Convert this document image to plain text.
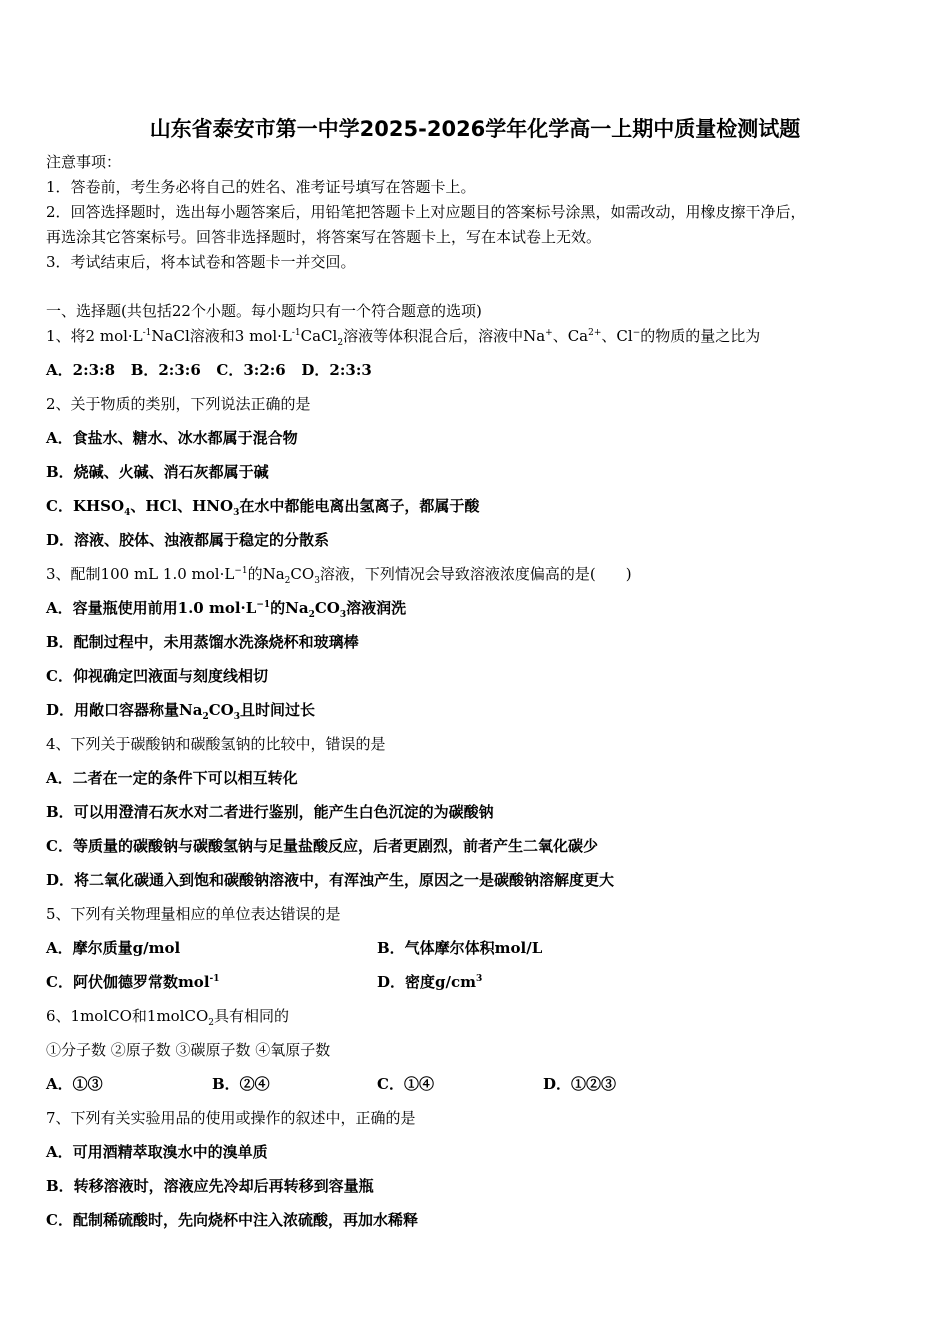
山东省泰安市第一中学2025-2026学年化学高一上期中质量检测试题
注意事项：
1．答卷前，考生务必将自己的姓名、准考证号填写在答题卡上。
2．回答选择题时，选出每小题答案后，用铅笔把答题卡上对应题目的答案标号涂黑，如需改动，用橡皮擦干净后，
再选涂其它答案标号。回答非选择题时，将答案写在答题卡上，写在本试卷上无效。
3．考试结束后，将本试卷和答题卡一并交回。
一、选择题(共包括22个小题。每小题均只有一个符合题意的选项)
1、将2 $mol\cdot L^{-1}NaCl$溶液和3 $mol\cdot L^{-1}CaCl_2$溶液等体积混合后，溶液中Na+、$Ca^{2+}$、Cl−的物质的量之比为
A．2:3:8   B．2:3:6   C．3:2:6   D．2:3:3
2、关于物质的类别，下列说法正确的是
A．食盐水、糖水、冰水都属于混合物
B．烧碱、火碱、消石灰都属于碱
C．$KHSO_4$、HCl、$HNO_3$在水中都能电离出氢离子，都属于酸
D．溶液、胶体、浊液都属于稳定的分散系
3、配制100 mL 1.0 $mol\cdot L^{-1}$的$Na_2CO_3$溶液，下列情况会导致溶液浓度偏高的是(　　)
A．容量瓶使用前用1.0 $mol\cdot L^{-1}$的$Na_2CO_3$溶液润洗
B．配制过程中，未用蒸馏水洗涤烧杯和玻璃棒
C．仰视确定凹液面与刻度线相切
D．用敞口容器称量$Na_2CO_3$且时间过长
4、下列关于碳酸钠和碳酸氢钠的比较中，错误的是
A．二者在一定的条件下可以相互转化
B．可以用澄清石灰水对二者进行鉴别，能产生白色沉淀的为碳酸钠
C．等质量的碳酸钠与碳酸氢钠与足量盐酸反应，后者更剧烈，前者产生二氧化碳少
D．将二氧化碳通入到饱和碳酸钠溶液中，有浑浊产生，原因之一是碳酸钠溶解度更大
5、下列有关物理量相应的单位表达错误的是
A．摩尔质量g/mol	B．气体摩尔体积mol/L
C．阿伏伽德罗常数mol$^{-1}$	D．密度$g/cm^3$
6、1molCO和1molCO$_2$具有相同的
①分子数 ②原子数 ③碳原子数 ④氧原子数
A．①③	B．②④	C．①④	D．①②③
7、下列有关实验用品的使用或操作的叙述中，正确的是
A．可用酒精萃取溴水中的溴单质
B．转移溶液时，溶液应先冷却后再转移到容量瓶
C．配制稀硫酸时，先向烧杯中注入浓硫酸，再加水稀释
